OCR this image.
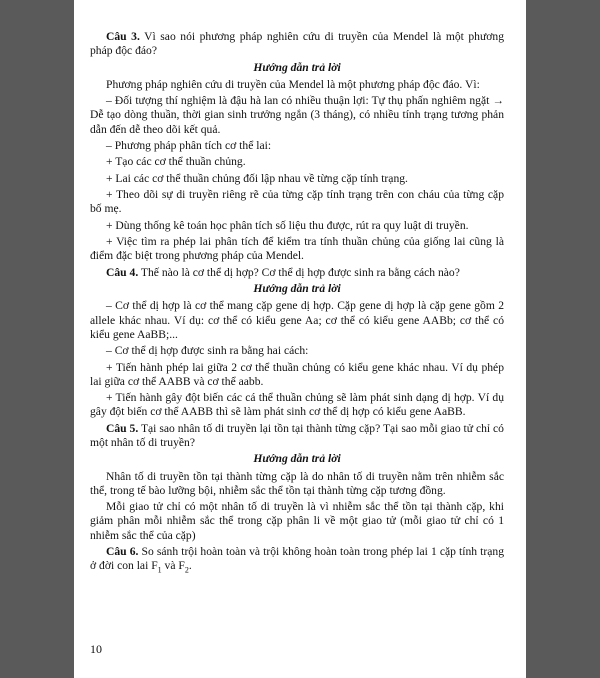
Câu 3. Vì sao nói phương pháp nghiên cứu di truyền của Mendel là một phương pháp độc đáo?

Hướng dẫn trả lời

Phương pháp nghiên cứu di truyền của Mendel là một phương pháp độc đáo. Vì:

– Đối tượng thí nghiệm là đậu hà lan có nhiều thuận lợi: Tự thụ phấn nghiêm ngặt → Dễ tạo dòng thuần, thời gian sinh trưởng ngắn (3 tháng), có nhiều tính trạng tương phản dẫn đến dễ theo dõi kết quả.

– Phương pháp phân tích cơ thể lai:

+ Tạo các cơ thể thuần chủng.

+ Lai các cơ thể thuần chủng đối lập nhau về từng cặp tính trạng.

+ Theo dõi sự di truyền riêng rẽ của từng cặp tính trạng trên con cháu của từng cặp bố mẹ.

+ Dùng thống kê toán học phân tích số liệu thu được, rút ra quy luật di truyền.

+ Việc tìm ra phép lai phân tích để kiểm tra tính thuần chủng của giống lai cũng là điểm đặc biệt trong phương pháp của Mendel.

Câu 4. Thế nào là cơ thể dị hợp? Cơ thể dị hợp được sinh ra bằng cách nào?

Hướng dẫn trả lời

– Cơ thể dị hợp là cơ thể mang cặp gene dị hợp. Cặp gene dị hợp là cặp gene gồm 2 allele khác nhau. Ví dụ: cơ thể có kiểu gene Aa; cơ thể có kiểu gene AABb; cơ thể có kiểu gene AaBB;...

– Cơ thể dị hợp được sinh ra bằng hai cách:

+ Tiến hành phép lai giữa 2 cơ thể thuần chủng có kiểu gene khác nhau. Ví dụ phép lai giữa cơ thể AABB và cơ thể aabb.

+ Tiến hành gây đột biến các cá thể thuần chủng sẽ làm phát sinh dạng dị hợp. Ví dụ gây đột biến cơ thể AABB thì sẽ làm phát sinh cơ thể dị hợp có kiểu gene AaBB.

Câu 5. Tại sao nhân tố di truyền lại tồn tại thành từng cặp? Tại sao mỗi giao tử chỉ có một nhân tố di truyền?

Hướng dẫn trả lời

Nhân tố di truyền tồn tại thành từng cặp là do nhân tố di truyền nằm trên nhiễm sắc thể, trong tế bào lưỡng bội, nhiễm sắc thể tồn tại thành từng cặp tương đồng.

Mỗi giao tử chỉ có một nhân tố di truyền là vì nhiễm sắc thể tồn tại thành cặp, khi giảm phân mỗi nhiễm sắc thể trong cặp phân li về một giao tử (mỗi giao tử chỉ có 1 nhiễm sắc thể của cặp)

Câu 6. So sánh trội hoàn toàn và trội không hoàn toàn trong phép lai 1 cặp tính trạng ở đời con lai $F_1$ và $F_2$.

10
